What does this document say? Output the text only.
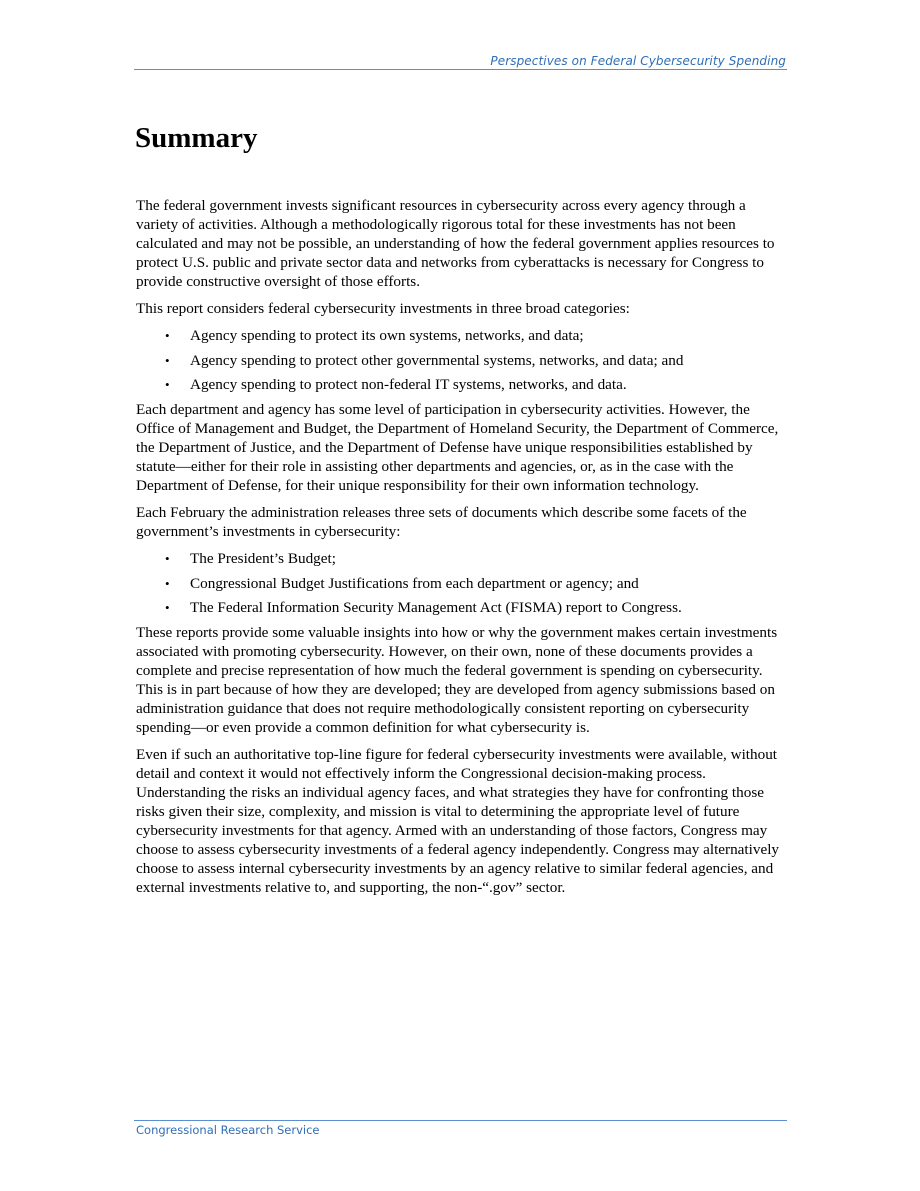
Perspectives on Federal Cybersecurity Spending
Summary

The federal government invests significant resources in cybersecurity across every agency through a variety of activities. Although a methodologically rigorous total for these investments has not been calculated and may not be possible, an understanding of how the federal government applies resources to protect U.S. public and private sector data and networks from cyberattacks is necessary for Congress to provide constructive oversight of those efforts.

This report considers federal cybersecurity investments in three broad categories:

• Agency spending to protect its own systems, networks, and data;
• Agency spending to protect other governmental systems, networks, and data; and
• Agency spending to protect non-federal IT systems, networks, and data.

Each department and agency has some level of participation in cybersecurity activities. However, the Office of Management and Budget, the Department of Homeland Security, the Department of Commerce, the Department of Justice, and the Department of Defense have unique responsibilities established by statute—either for their role in assisting other departments and agencies, or, as in the case with the Department of Defense, for their unique responsibility for their own information technology.

Each February the administration releases three sets of documents which describe some facets of the government’s investments in cybersecurity:

• The President’s Budget;
• Congressional Budget Justifications from each department or agency; and
• The Federal Information Security Management Act (FISMA) report to Congress.

These reports provide some valuable insights into how or why the government makes certain investments associated with promoting cybersecurity. However, on their own, none of these documents provides a complete and precise representation of how much the federal government is spending on cybersecurity. This is in part because of how they are developed; they are developed from agency submissions based on administration guidance that does not require methodologically consistent reporting on cybersecurity spending—or even provide a common definition for what cybersecurity is.

Even if such an authoritative top-line figure for federal cybersecurity investments were available, without detail and context it would not effectively inform the Congressional decision-making process. Understanding the risks an individual agency faces, and what strategies they have for confronting those risks given their size, complexity, and mission is vital to determining the appropriate level of future cybersecurity investments for that agency. Armed with an understanding of those factors, Congress may choose to assess cybersecurity investments of a federal agency independently. Congress may alternatively choose to assess internal cybersecurity investments by an agency relative to similar federal agencies, and external investments relative to, and supporting, the non-“.gov” sector.

Congressional Research Service
